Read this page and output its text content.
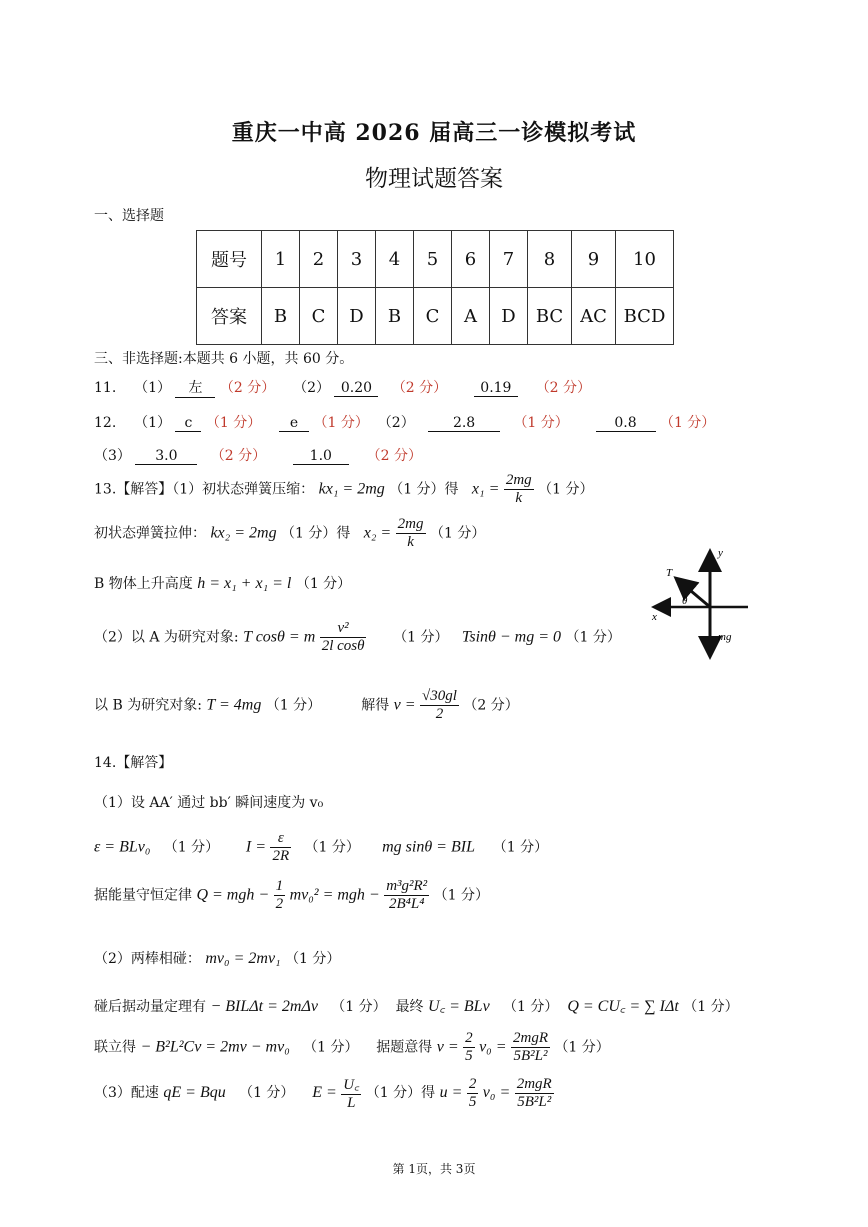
重庆一中高 2026 届高三一诊模拟考试
物理试题答案
一、选择题
题号	1	2	3	4	5	6	7	8	9	10
答案	B	C	D	B	C	A	D	BC	AC	BCD
三、非选择题:本题共 6 小题，共 60 分。
11. （1） 左 （2 分） （2） 0.20 （2 分） 0.19 （2 分）
12. （1） c （1 分） e （1 分） （2）	2.8	（1 分）	0.8 （1 分）
（3） 3.0 （2 分）	1.0 （2 分）
13.【解答】（1）初状态弹簧压缩： kx₁ = 2mg （1 分）得 $x_1 = \frac{2mg}{k} (1$ 分）
初状态弹簧拉伸： kx₂ = 2mg （1 分）得 $x_2 = \frac{2mg}{k} (1$ 分）
B 物体上升高度 h = x₁ + x₁ = l （1 分）
（2）以 A 为研究对象: T cosθ = m $\frac{\text{v²}}{\text{2l cosθ}} (1$ 分） Tsinθ − mg = 0 （1 分）
以 B 为研究对象: T = 4mg （1 分）	解得 $v = \frac{√30gl}{2} (2$ 分）
y
x
T
θ
mg
14.【解答】
（1）设 AA′ 通过 bb′ 瞬间速度为 v₀
ε = BLv₀ （1 分） $I = \frac{\varepsilon}{2R} (1$ 分） mg sinθ = BIL （1 分）
据能量守恒定律 Q = mgh − $\frac{1}{2} mv_0^2$ = mgh − $\frac{\text{m³g²R²}}{\text{2B⁴L⁴}} (1$ 分）
（2）两棒相碰： mv₀ = 2mv₁ （1 分）
碰后据动量定理有 − BILΔt = 2mΔv （1 分） 最终 U꜀ = BLv （1 分） Q = CU꜀ = ∑ IΔt （1 分）
联立得 − B²L²Cv = 2mv − mv₀ （1 分） 据题意得 $v = \frac{2}{5} v_0 = \frac{\text{2mgR}}{\text{5B²L²}} (1$ 分）
（3）配速 qE = Bqu （1 分） $E = \frac{U꜀}{L} (1$ 分）得 $u = \frac{2}{5} v_0 = \frac{\text{2mgR}}{\text{5B²L²}}$
第 1页，共 3页
